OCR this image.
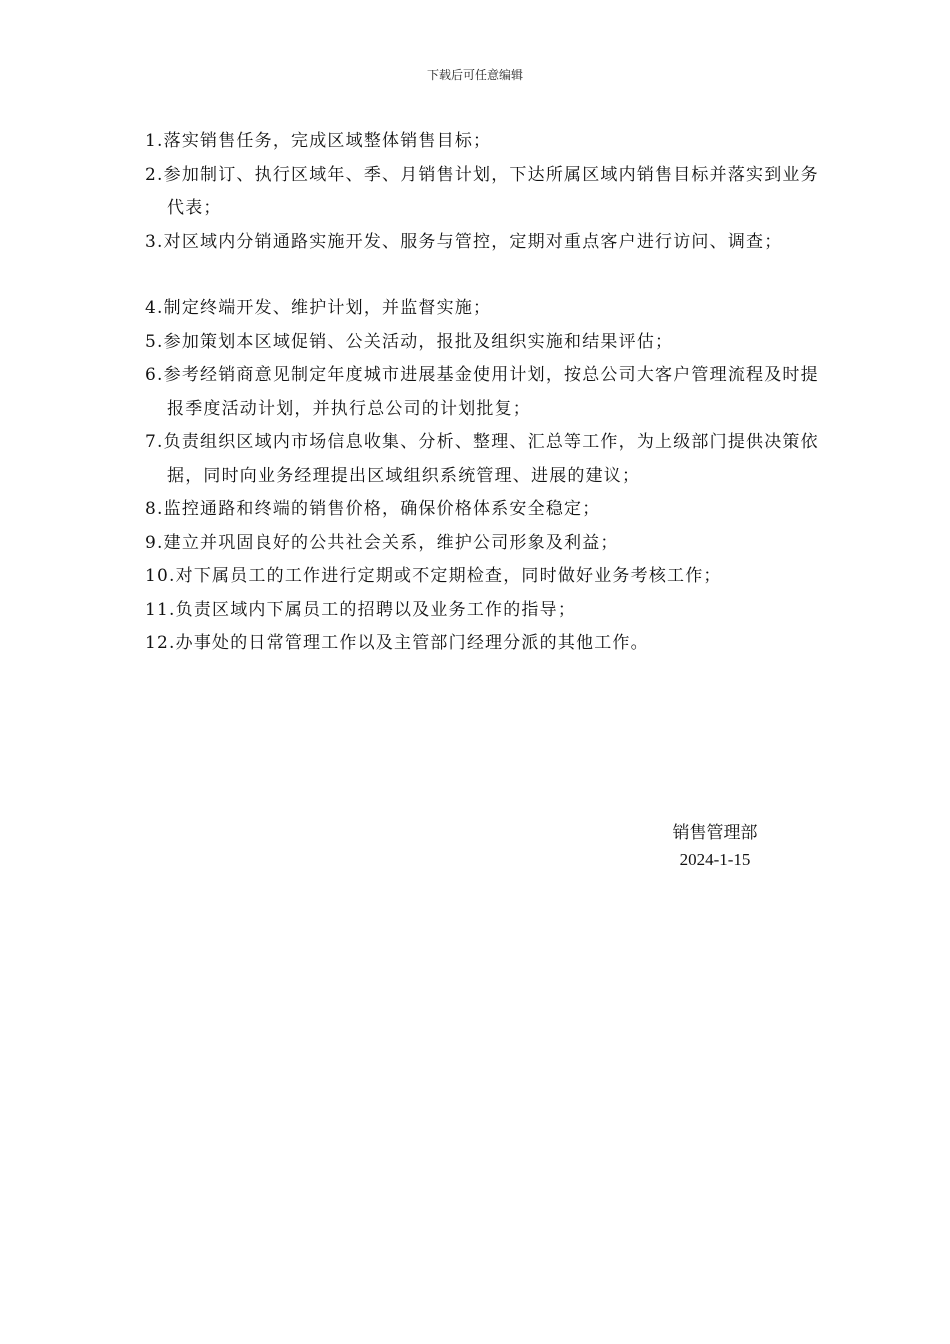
下载后可任意编辑
1.落实销售任务，完成区域整体销售目标；
2.参加制订、执行区域年、季、月销售计划，下达所属区域内销售目标并落实到业务代表；
3.对区域内分销通路实施开发、服务与管控，定期对重点客户进行访问、调查；
4.制定终端开发、维护计划，并监督实施；
5.参加策划本区域促销、公关活动，报批及组织实施和结果评估；
6.参考经销商意见制定年度城市进展基金使用计划，按总公司大客户管理流程及时提报季度活动计划，并执行总公司的计划批复；
7.负责组织区域内市场信息收集、分析、整理、汇总等工作，为上级部门提供决策依据，同时向业务经理提出区域组织系统管理、进展的建议；
8.监控通路和终端的销售价格，确保价格体系安全稳定；
9.建立并巩固良好的公共社会关系，维护公司形象及利益；
10.对下属员工的工作进行定期或不定期检查，同时做好业务考核工作；
11.负责区域内下属员工的招聘以及业务工作的指导；
12.办事处的日常管理工作以及主管部门经理分派的其他工作。
销售管理部
2024-1-15
